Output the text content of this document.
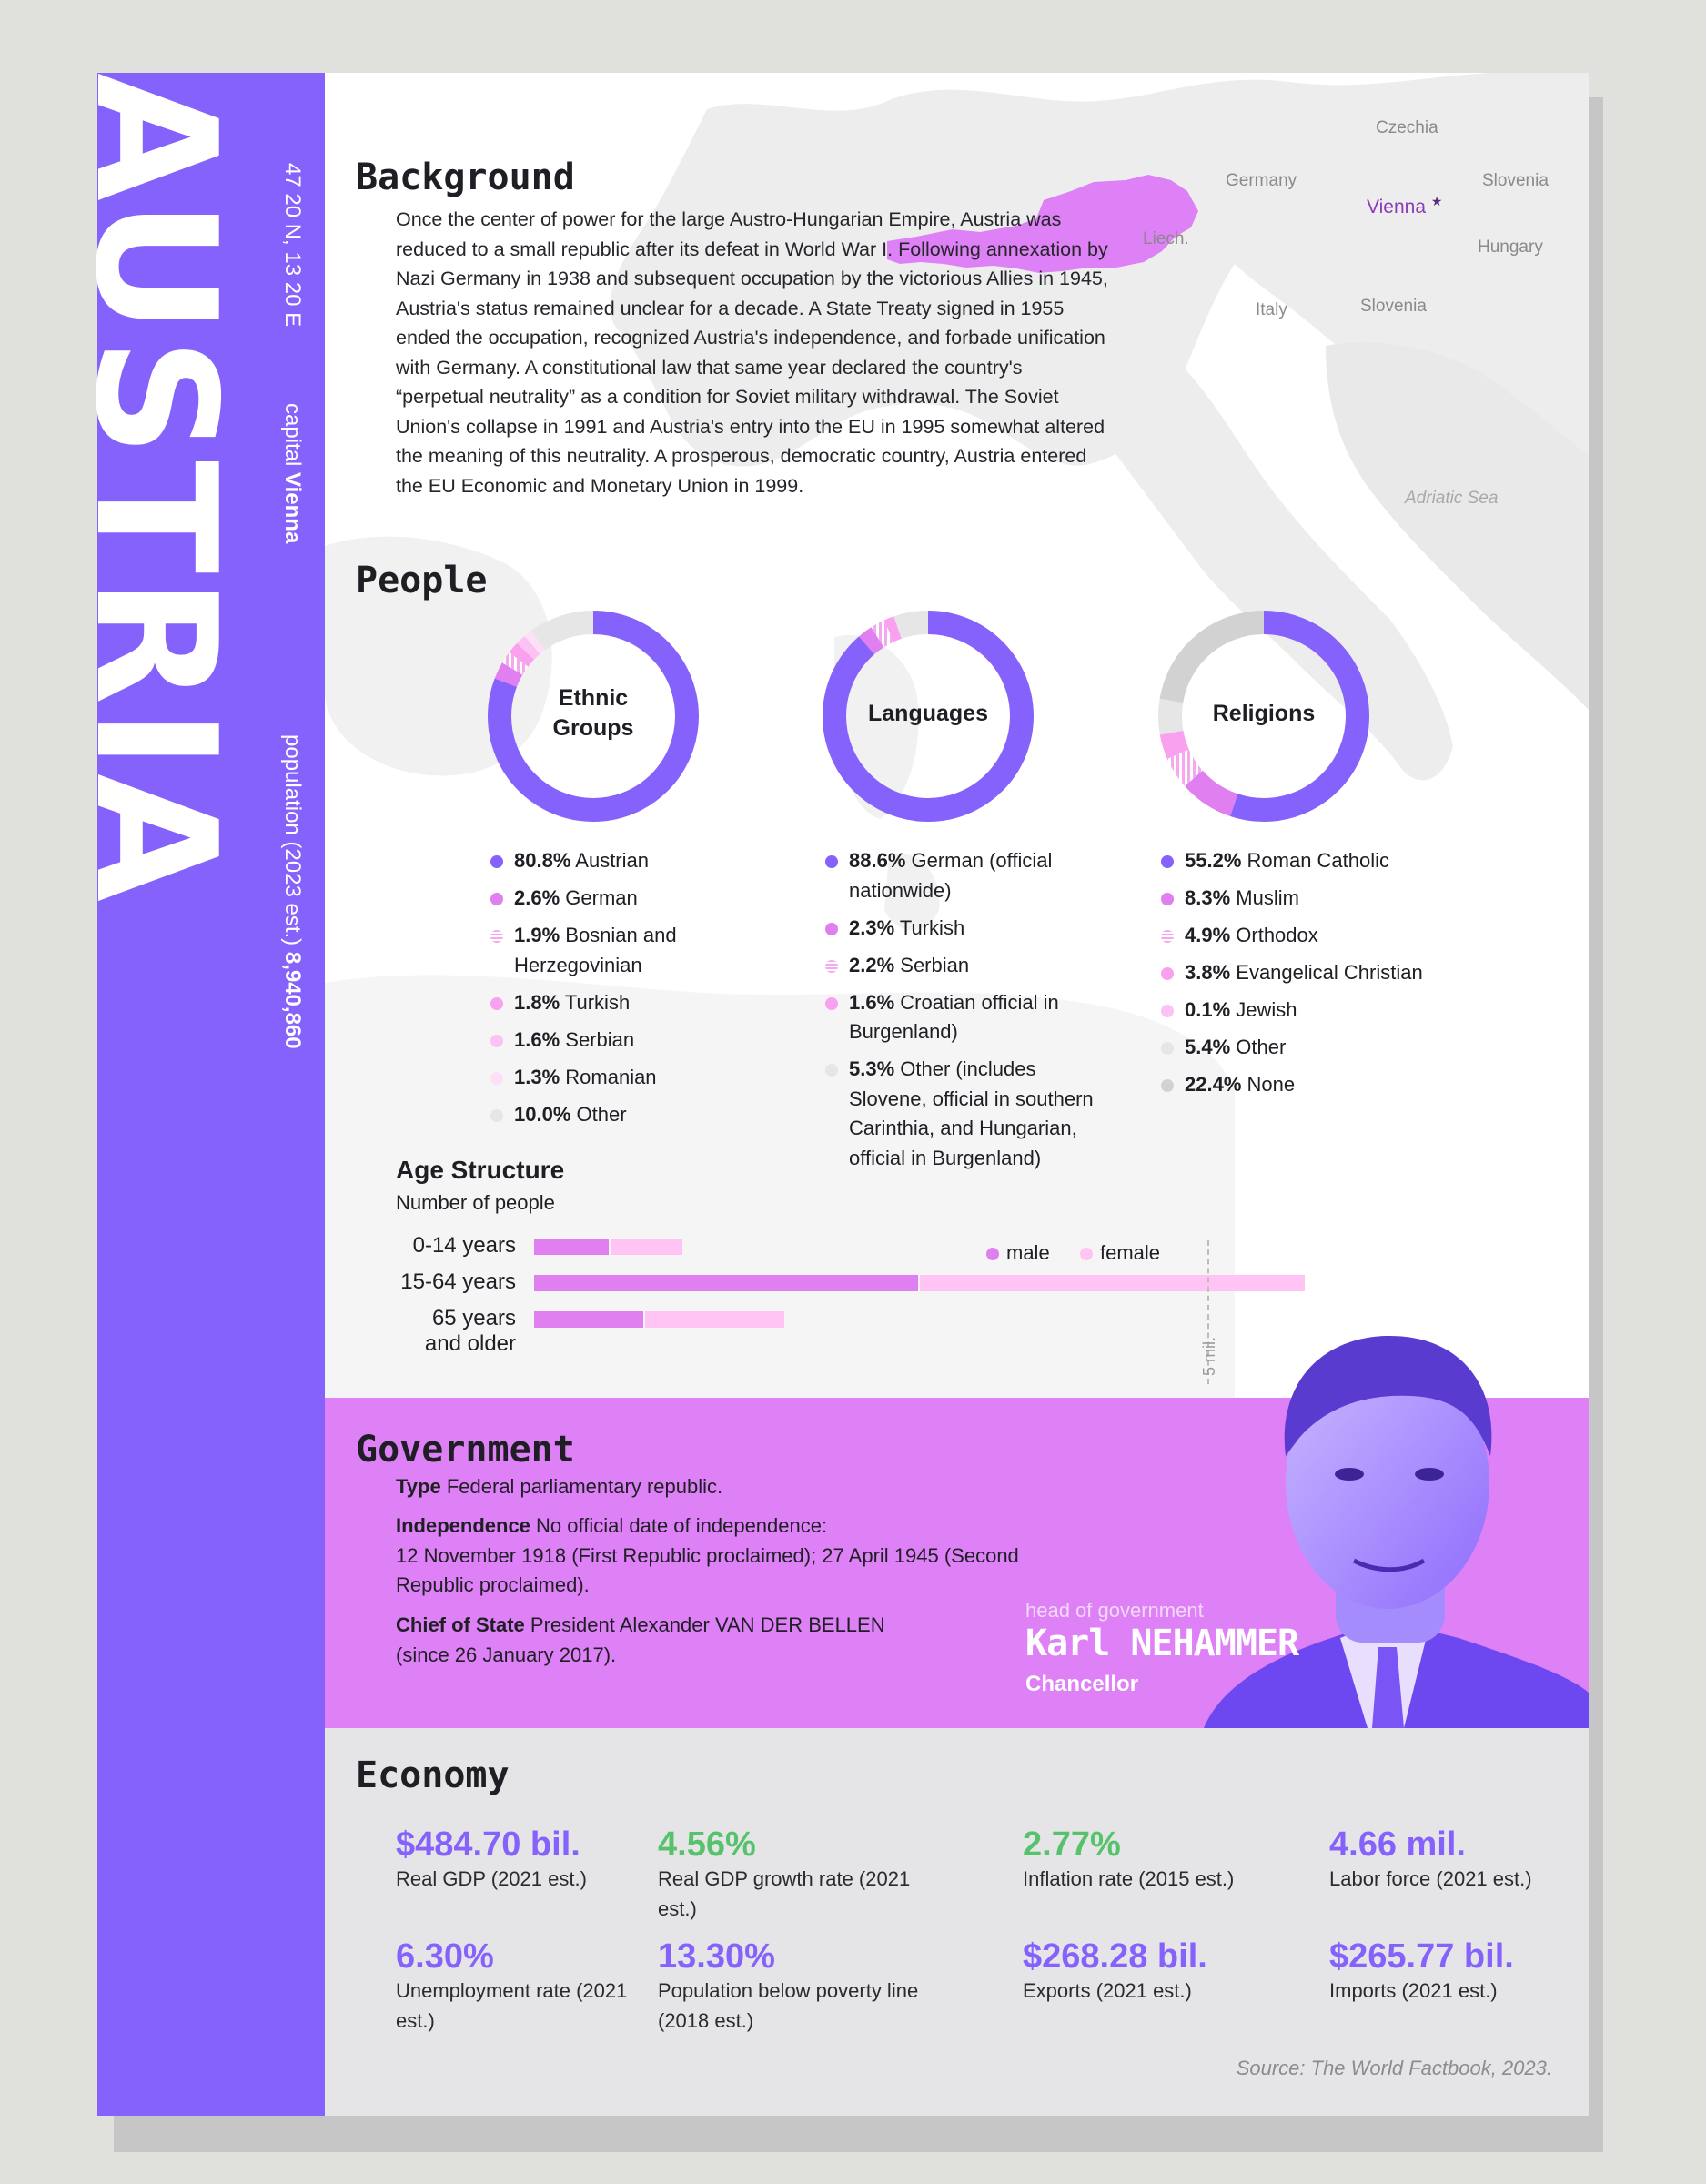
Czechia
Germany	Slovenia
Vienna ★
Liech.	Hungary
Italy	Slovenia
Adriatic Sea
AUSTRIA 47 20 N, 13 20 E
capital Vienna
population (2023 est.) 8,940,860
Background
Once the center of power for the large Austro-Hungarian Empire, Austria was reduced to a small republic after its defeat in World War I. Following annexation by Nazi Germany in 1938 and subsequent occupation by the victorious Allies in 1945, Austria's status remained unclear for a decade. A State Treaty signed in 1955 ended the occupation, recognized Austria's independence, and forbade unification with Germany. A constitutional law that same year declared the country's “perpetual neutrality” as a condition for Soviet military withdrawal. The Soviet Union's collapse in 1991 and Austria's entry into the EU in 1995 somewhat altered the meaning of this neutrality. A prosperous, democratic country, Austria entered the EU Economic and Monetary Union in 1999.
People
Ethnic
Groups
80.8% Austrian
2.6% German
1.9% Bosnian and Herzegovinian
1.8% Turkish
1.6% Serbian
1.3% Romanian
10.0% Other
Languages
88.6% German (official nationwide)
2.3% Turkish
2.2% Serbian
1.6% Croatian official in Burgenland)
5.3% Other (includes Slovene, official in southern Carinthia, and Hungarian, official in Burgenland)
Religions
55.2% Roman Catholic
8.3% Muslim
4.9% Orthodox
3.8% Evangelical Christian
0.1% Jewish
5.4% Other
22.4% None
Age Structure
Number of people
0-14 years
15-64 years
65 years
and older
male	female
5 mil.
Government
Type Federal parliamentary republic.
Independence No official date of independence:
12 November 1918 (First Republic proclaimed); 27 April 1945 (Second Republic proclaimed).
Chief of State President Alexander VAN DER BELLEN (since 26 January 2017).
head of government
Karl NEHAMMER
Chancellor
Economy
$484.70 bil.
Real GDP (2021 est.)
4.56%
Real GDP growth rate (2021 est.)
2.77%
Inflation rate (2015 est.)
4.66 mil.
Labor force (2021 est.)
6.30%
Unemployment rate (2021 est.)
13.30%
Population below poverty line (2018 est.)
$268.28 bil.
Exports (2021 est.)
$265.77 bil.
Imports (2021 est.)
Source: The World Factbook, 2023.
